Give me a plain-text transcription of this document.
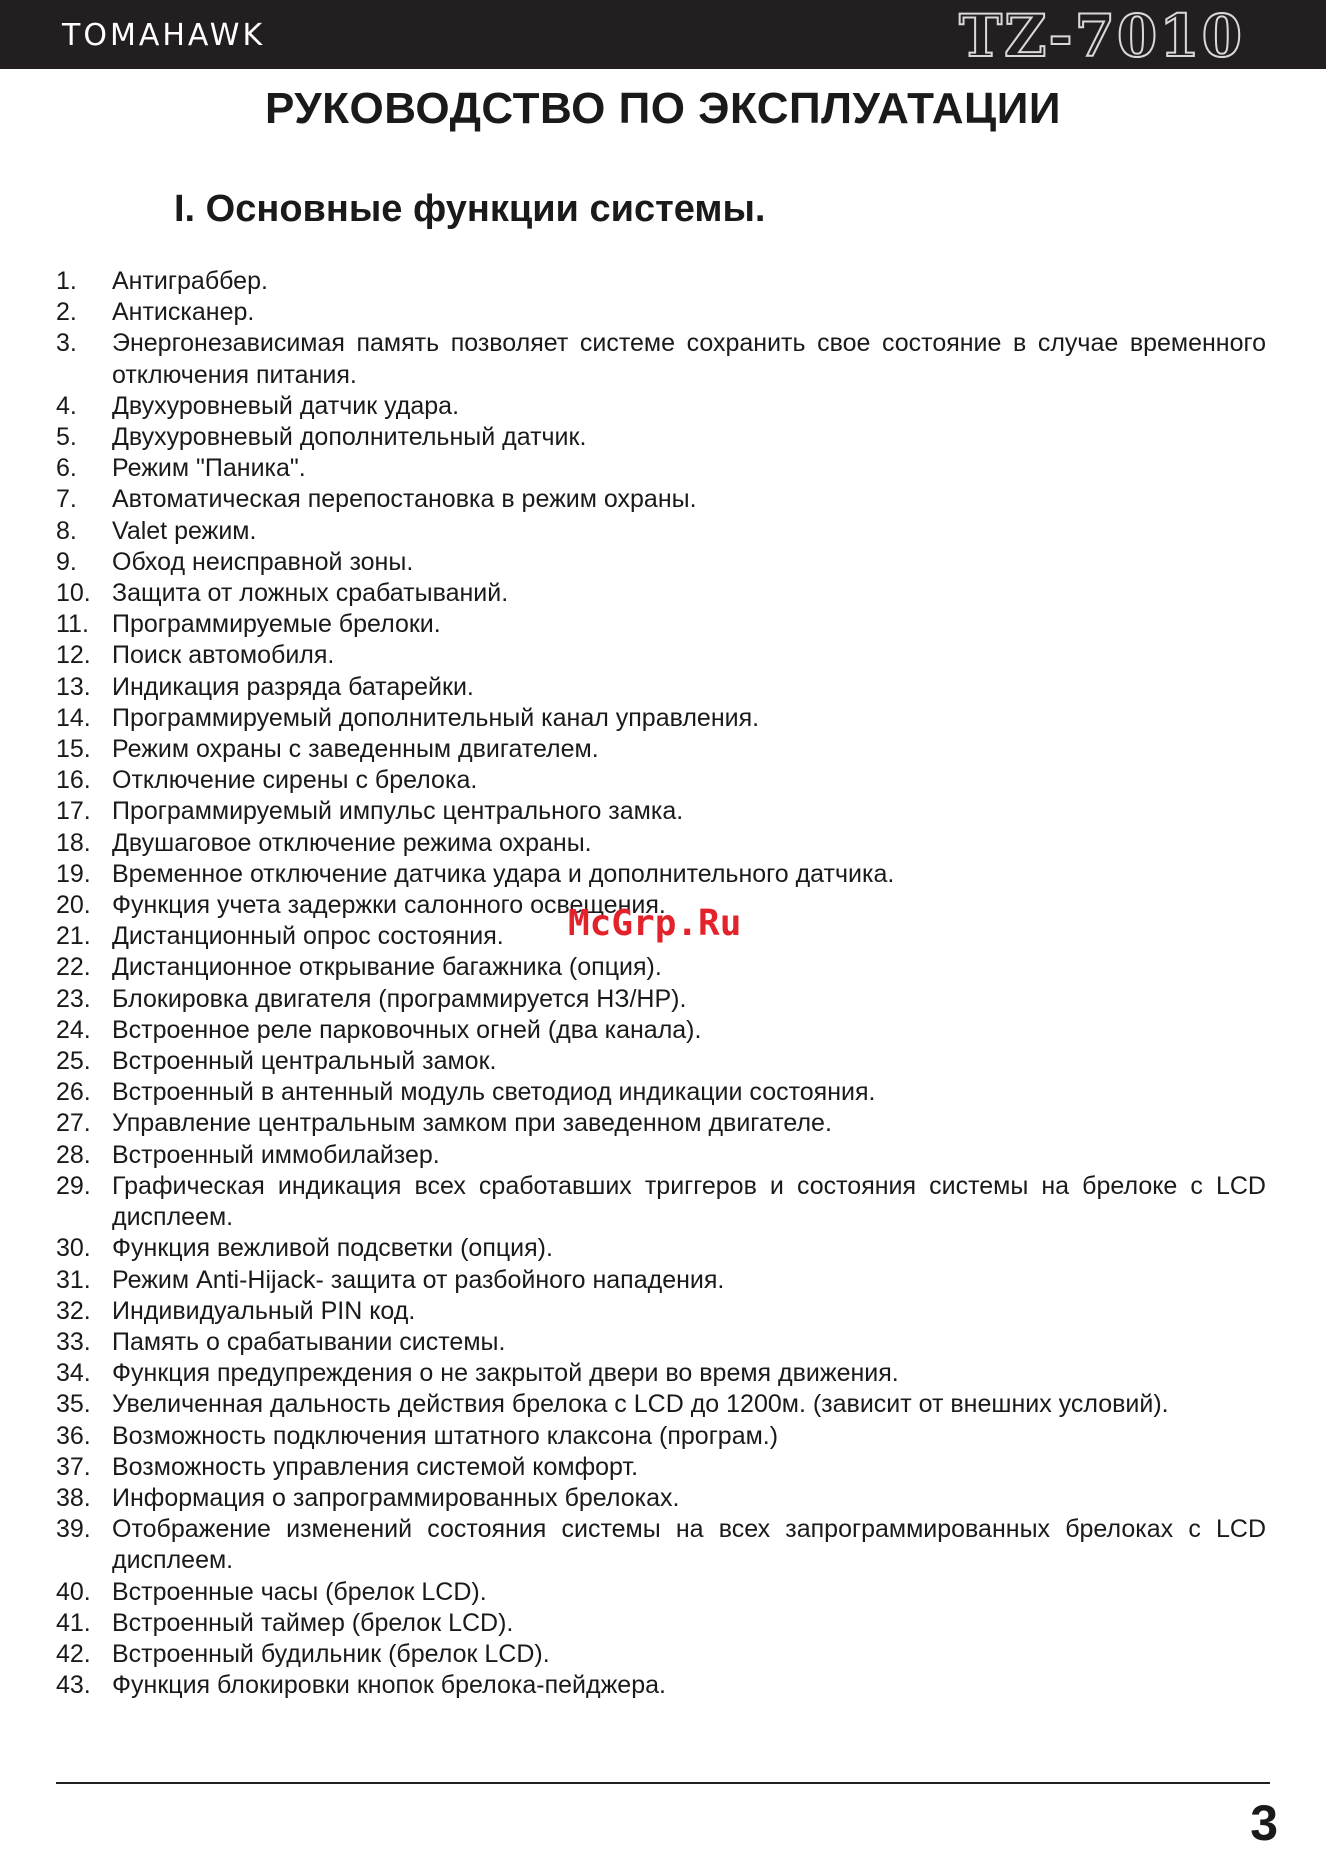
TOMAHAWK	TZ-7010
РУКОВОДСТВО ПО ЭКСПЛУАТАЦИИ
I. Основные функции системы.
1.	Антиграббер.
2.	Антисканер.
3.	Энергонезависимая память позволяет системе сохранить свое состояние в случае временного отключения питания.
4.	Двухуровневый датчик удара.
5.	Двухуровневый дополнительный датчик.
6.	Режим "Паника".
7.	Автоматическая перепостановка в режим охраны.
8.	Valet режим.
9.	Обход неисправной зоны.
10. Защита от ложных срабатываний.
11. Программируемые брелоки.
12. Поиск автомобиля.
13. Индикация разряда батарейки.
14. Программируемый дополнительный канал управления.
15. Режим охраны с заведенным двигателем.
16. Отключение сирены с брелока.
17. Программируемый импульс центрального замка.
18. Двушаговое отключение режима охраны.
19. Временное отключение датчика удара и дополнительного датчика.
20. Функция учета задержки салонного освещения.
21. Дистанционный опрос состояния.
22. Дистанционное открывание багажника (опция).
23. Блокировка двигателя (программируется НЗ/НР).
24. Встроенное реле парковочных огней (два канала).
25. Встроенный центральный замок.
26. Встроенный в антенный модуль светодиод индикации состояния.
27. Управление центральным замком при заведенном двигателе.
28. Встроенный иммобилайзер.
29. Графическая индикация всех сработавших триггеров и состояния системы на брелоке с LCD дисплеем.
30. Функция вежливой подсветки (опция).
31. Режим Anti-Hijack- защита от разбойного нападения.
32. Индивидуальный PIN код.
33. Память о срабатывании системы.
34. Функция предупреждения о не закрытой двери во время движения.
35. Увеличенная дальность действия брелока с LCD до 1200м. (зависит от внешних условий).
36. Возможность подключения штатного клаксона (програм.)
37. Возможность управления системой комфорт.
38. Информация о запрограммированных брелоках.
39. Отображение изменений состояния системы на всех запрограммированных брелоках с LCD дисплеем.
40. Встроенные часы (брелок LCD).
41. Встроенный таймер (брелок LCD).
42. Встроенный будильник (брелок LCD).
43. Функция блокировки кнопок брелока-пейджера.
McGrp.Ru
3
